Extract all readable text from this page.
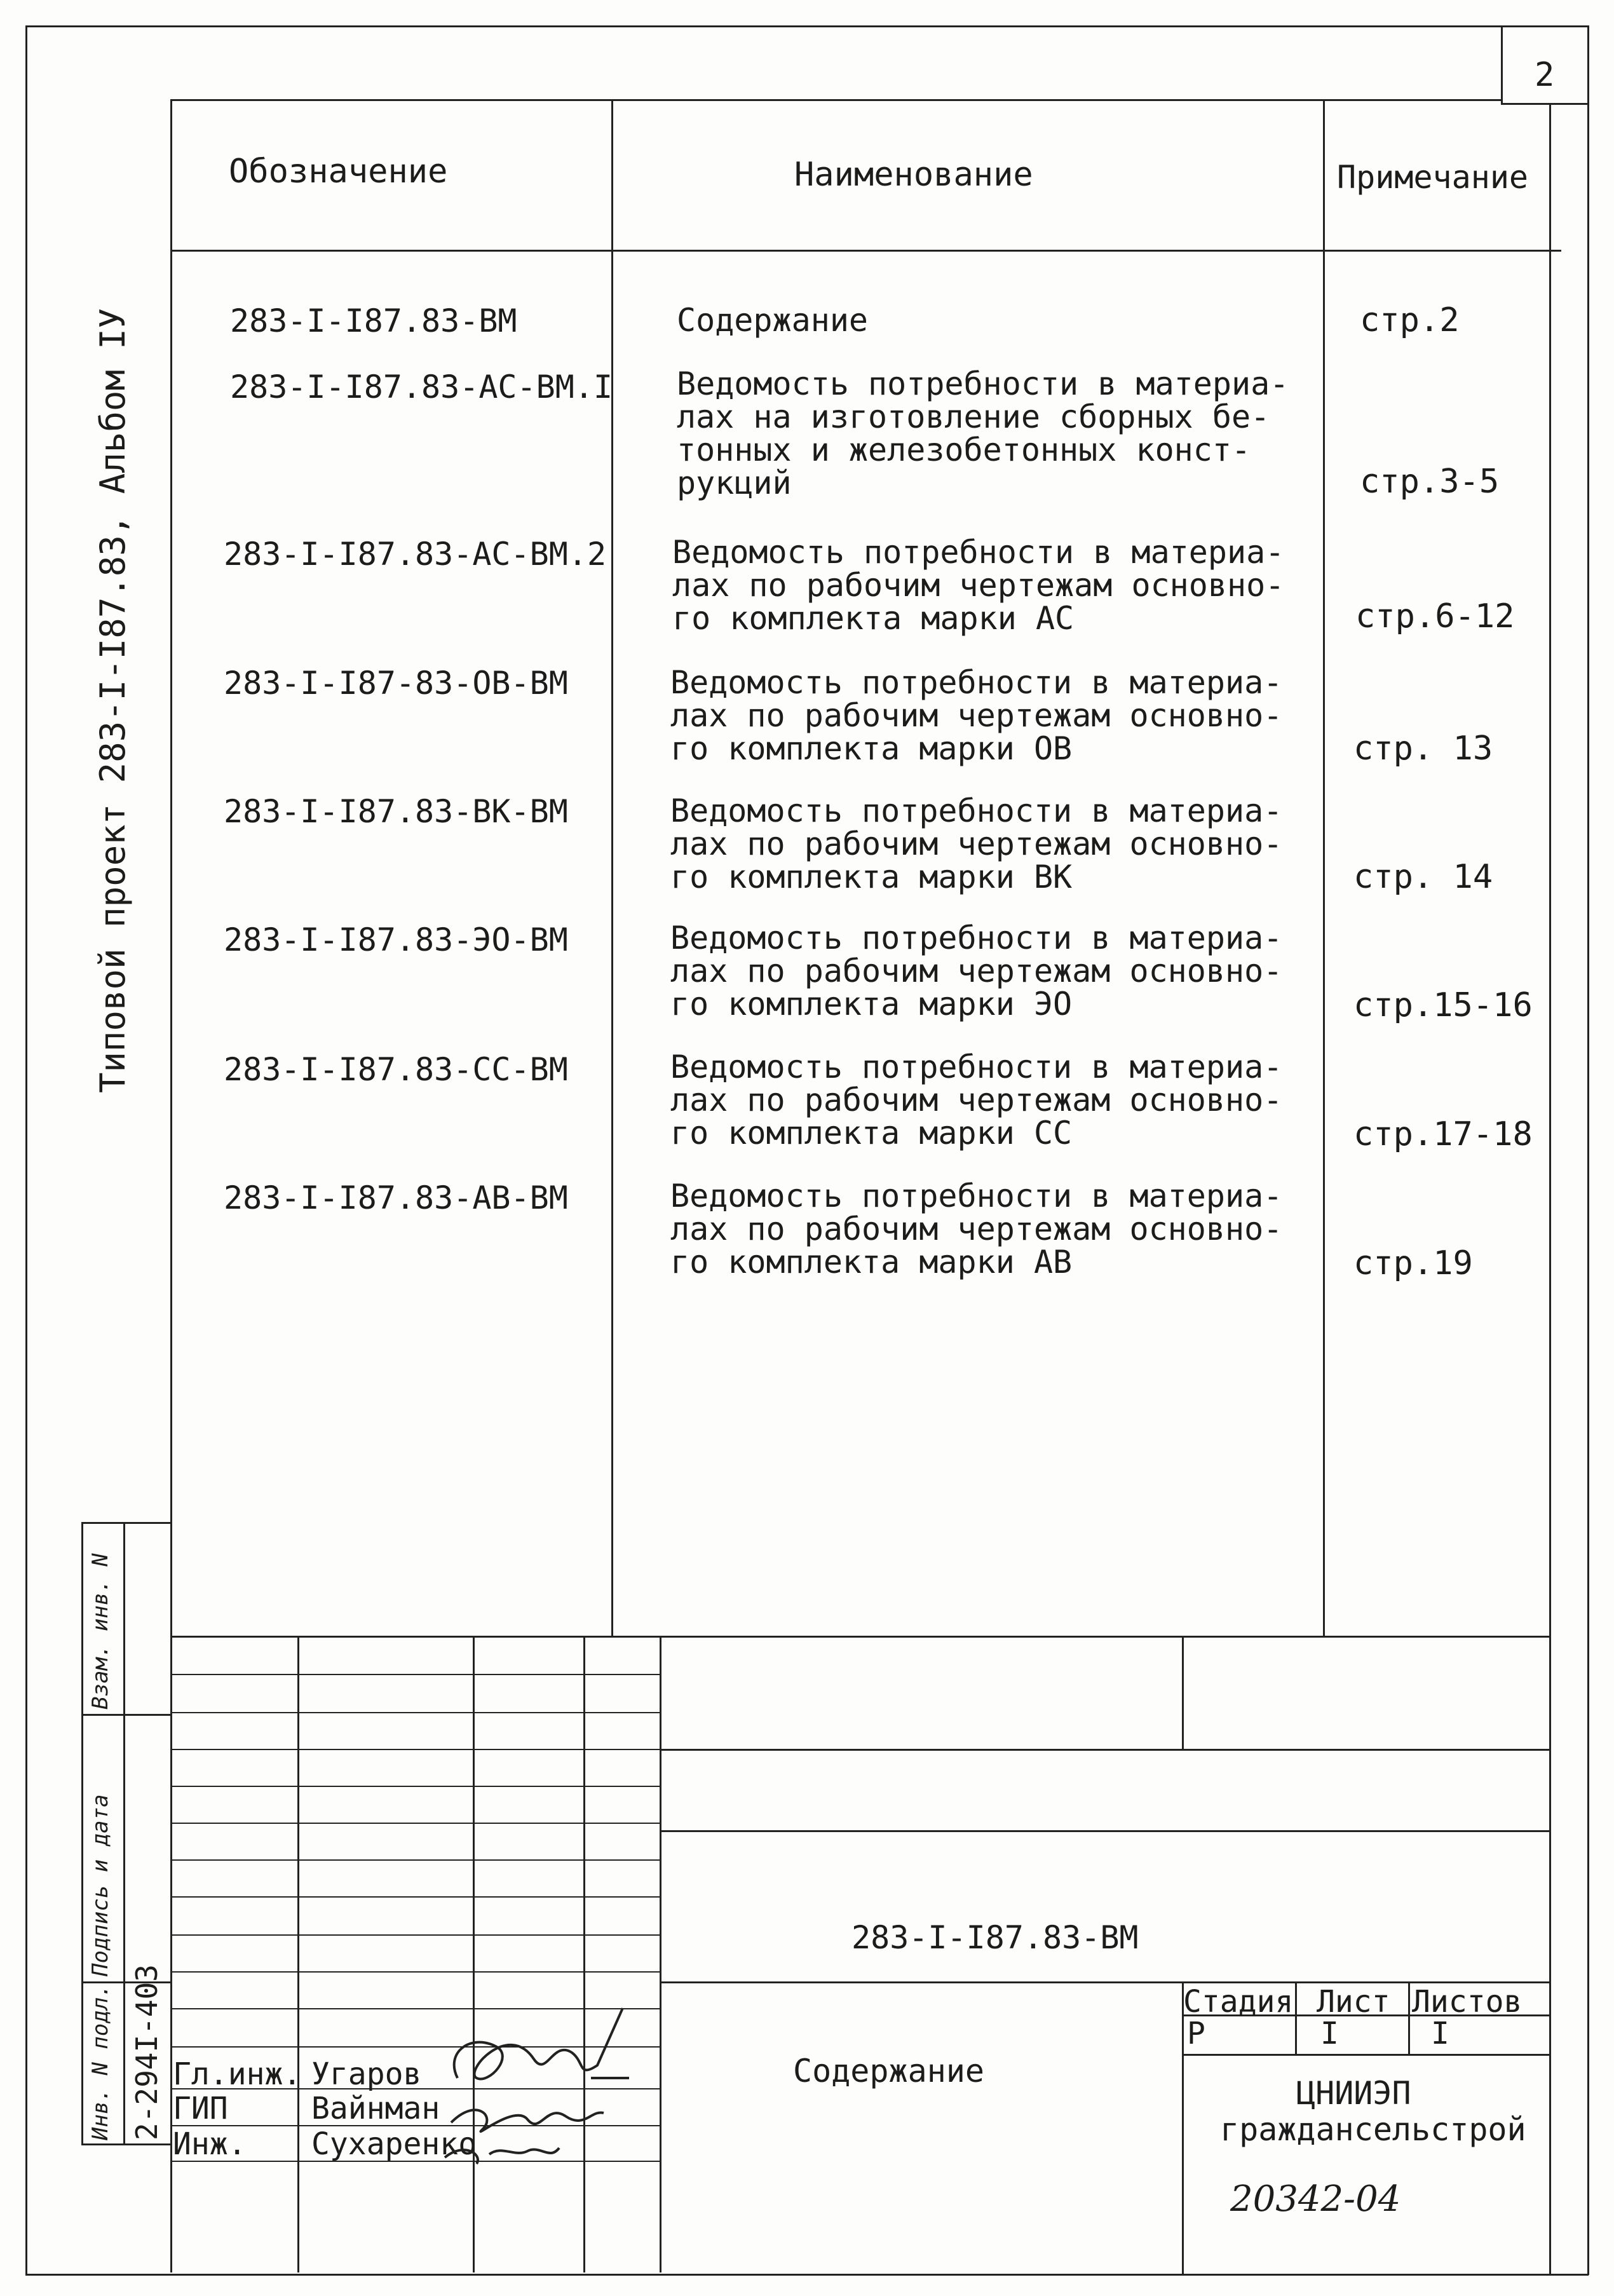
2
Обозначение	Наименование	Примечание
283-I-I87.83-ВМ	Содержание	стр.2
283-I-I87.83-АС-ВМ.I Ведомость потребности в материа-
лах на изготовление сборных бе-
тонных и железобетонных конст-
рукций	стр.3-5
283-I-I87.83-АС-ВМ.2 Ведомость потребности в материа-
лах по рабочим чертежам основно-
го комплекта марки АС	стр.6-12
283-I-I87-83-ОВ-ВМ	Ведомость потребности в материа-
лах по рабочим чертежам основно-
го комплекта марки ОВ	стр. 13
283-I-I87.83-ВК-ВМ	Ведомость потребности в материа-
лах по рабочим чертежам основно-
го комплекта марки ВК	стр. 14
283-I-I87.83-ЭО-ВМ	Ведомость потребности в материа-
лах по рабочим чертежам основно-
го комплекта марки ЭО	стр.15-16
283-I-I87.83-СС-ВМ	Ведомость потребности в материа-
лах по рабочим чертежам основно-
го комплекта марки СС	стр.17-18
283-I-I87.83-АВ-ВМ	Ведомость потребности в материа-
лах по рабочим чертежам основно-
го комплекта марки АВ	стр.19
Типовой проект 283-I-I87.83, Альбом IУ
Взам. инв. N
Подпись и дата
Инв. N подл. 2-294I-403 Гл.инж. Угаров
ГИП	Вайнман
Инж. Сухаренко
283-I-I87.83-ВМ
Содержание
Стадия Лист Листов
Р	I	I
ЦНИИЭП
граждансельстрой
20342-04
